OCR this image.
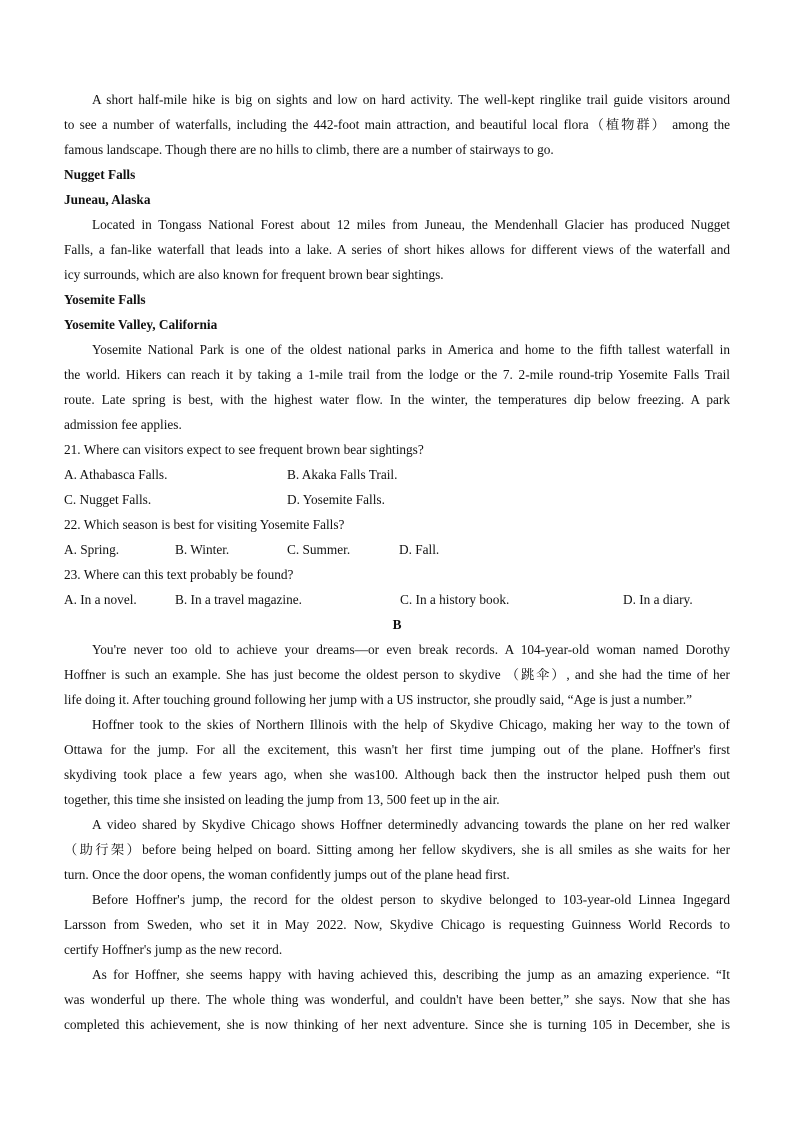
A short half-mile hike is big on sights and low on hard activity. The well-kept ringlike trail guide visitors around
to see a number of waterfalls, including the 442-foot main attraction, and beautiful local flora（植物群） among the
famous landscape. Though there are no hills to climb, there are a number of stairways to go.
Nugget Falls
Juneau, Alaska
Located in Tongass National Forest about 12 miles from Juneau, the Mendenhall Glacier has produced Nugget
Falls, a fan-like waterfall that leads into a lake. A series of short hikes allows for different views of the waterfall and
icy surrounds, which are also known for frequent brown bear sightings.
Yosemite Falls
Yosemite Valley, California
Yosemite National Park is one of the oldest national parks in America and home to the fifth tallest waterfall in
the world. Hikers can reach it by taking a 1-mile trail from the lodge or the 7. 2-mile round-trip Yosemite Falls Trail
route. Late spring is best, with the highest water flow. In the winter, the temperatures dip below freezing. A park
admission fee applies.
21. Where can visitors expect to see frequent brown bear sightings?
A. Athabasca Falls.	B. Akaka Falls Trail.
C. Nugget Falls.	D. Yosemite Falls.
22. Which season is best for visiting Yosemite Falls?
A. Spring.	B. Winter.	C. Summer.	D. Fall.
23. Where can this text probably be found?
A. In a novel.	B. In a travel magazine.	C. In a history book.	D. In a diary.
B
You're never too old to achieve your dreams—or even break records. A 104-year-old woman named Dorothy
Hoffner is such an example. She has just become the oldest person to skydive （跳伞）, and she had the time of her
life doing it. After touching ground following her jump with a US instructor, she proudly said, “Age is just a number.”
Hoffner took to the skies of Northern Illinois with the help of Skydive Chicago, making her way to the town of
Ottawa for the jump. For all the excitement, this wasn't her first time jumping out of the plane. Hoffner's first
skydiving took place a few years ago, when she was100. Although back then the instructor helped push them out
together, this time she insisted on leading the jump from 13, 500 feet up in the air.
A video shared by Skydive Chicago shows Hoffner determinedly advancing towards the plane on her red walker
（助行架）before being helped on board. Sitting among her fellow skydivers, she is all smiles as she waits for her
turn. Once the door opens, the woman confidently jumps out of the plane head first.
Before Hoffner's jump, the record for the oldest person to skydive belonged to 103-year-old Linnea Ingegard
Larsson from Sweden, who set it in May 2022. Now, Skydive Chicago is requesting Guinness World Records to
certify Hoffner's jump as the new record.
As for Hoffner, she seems happy with having achieved this, describing the jump as an amazing experience. “It
was wonderful up there. The whole thing was wonderful, and couldn't have been better,” she says. Now that she has
completed this achievement, she is now thinking of her next adventure. Since she is turning 105 in December, she is
